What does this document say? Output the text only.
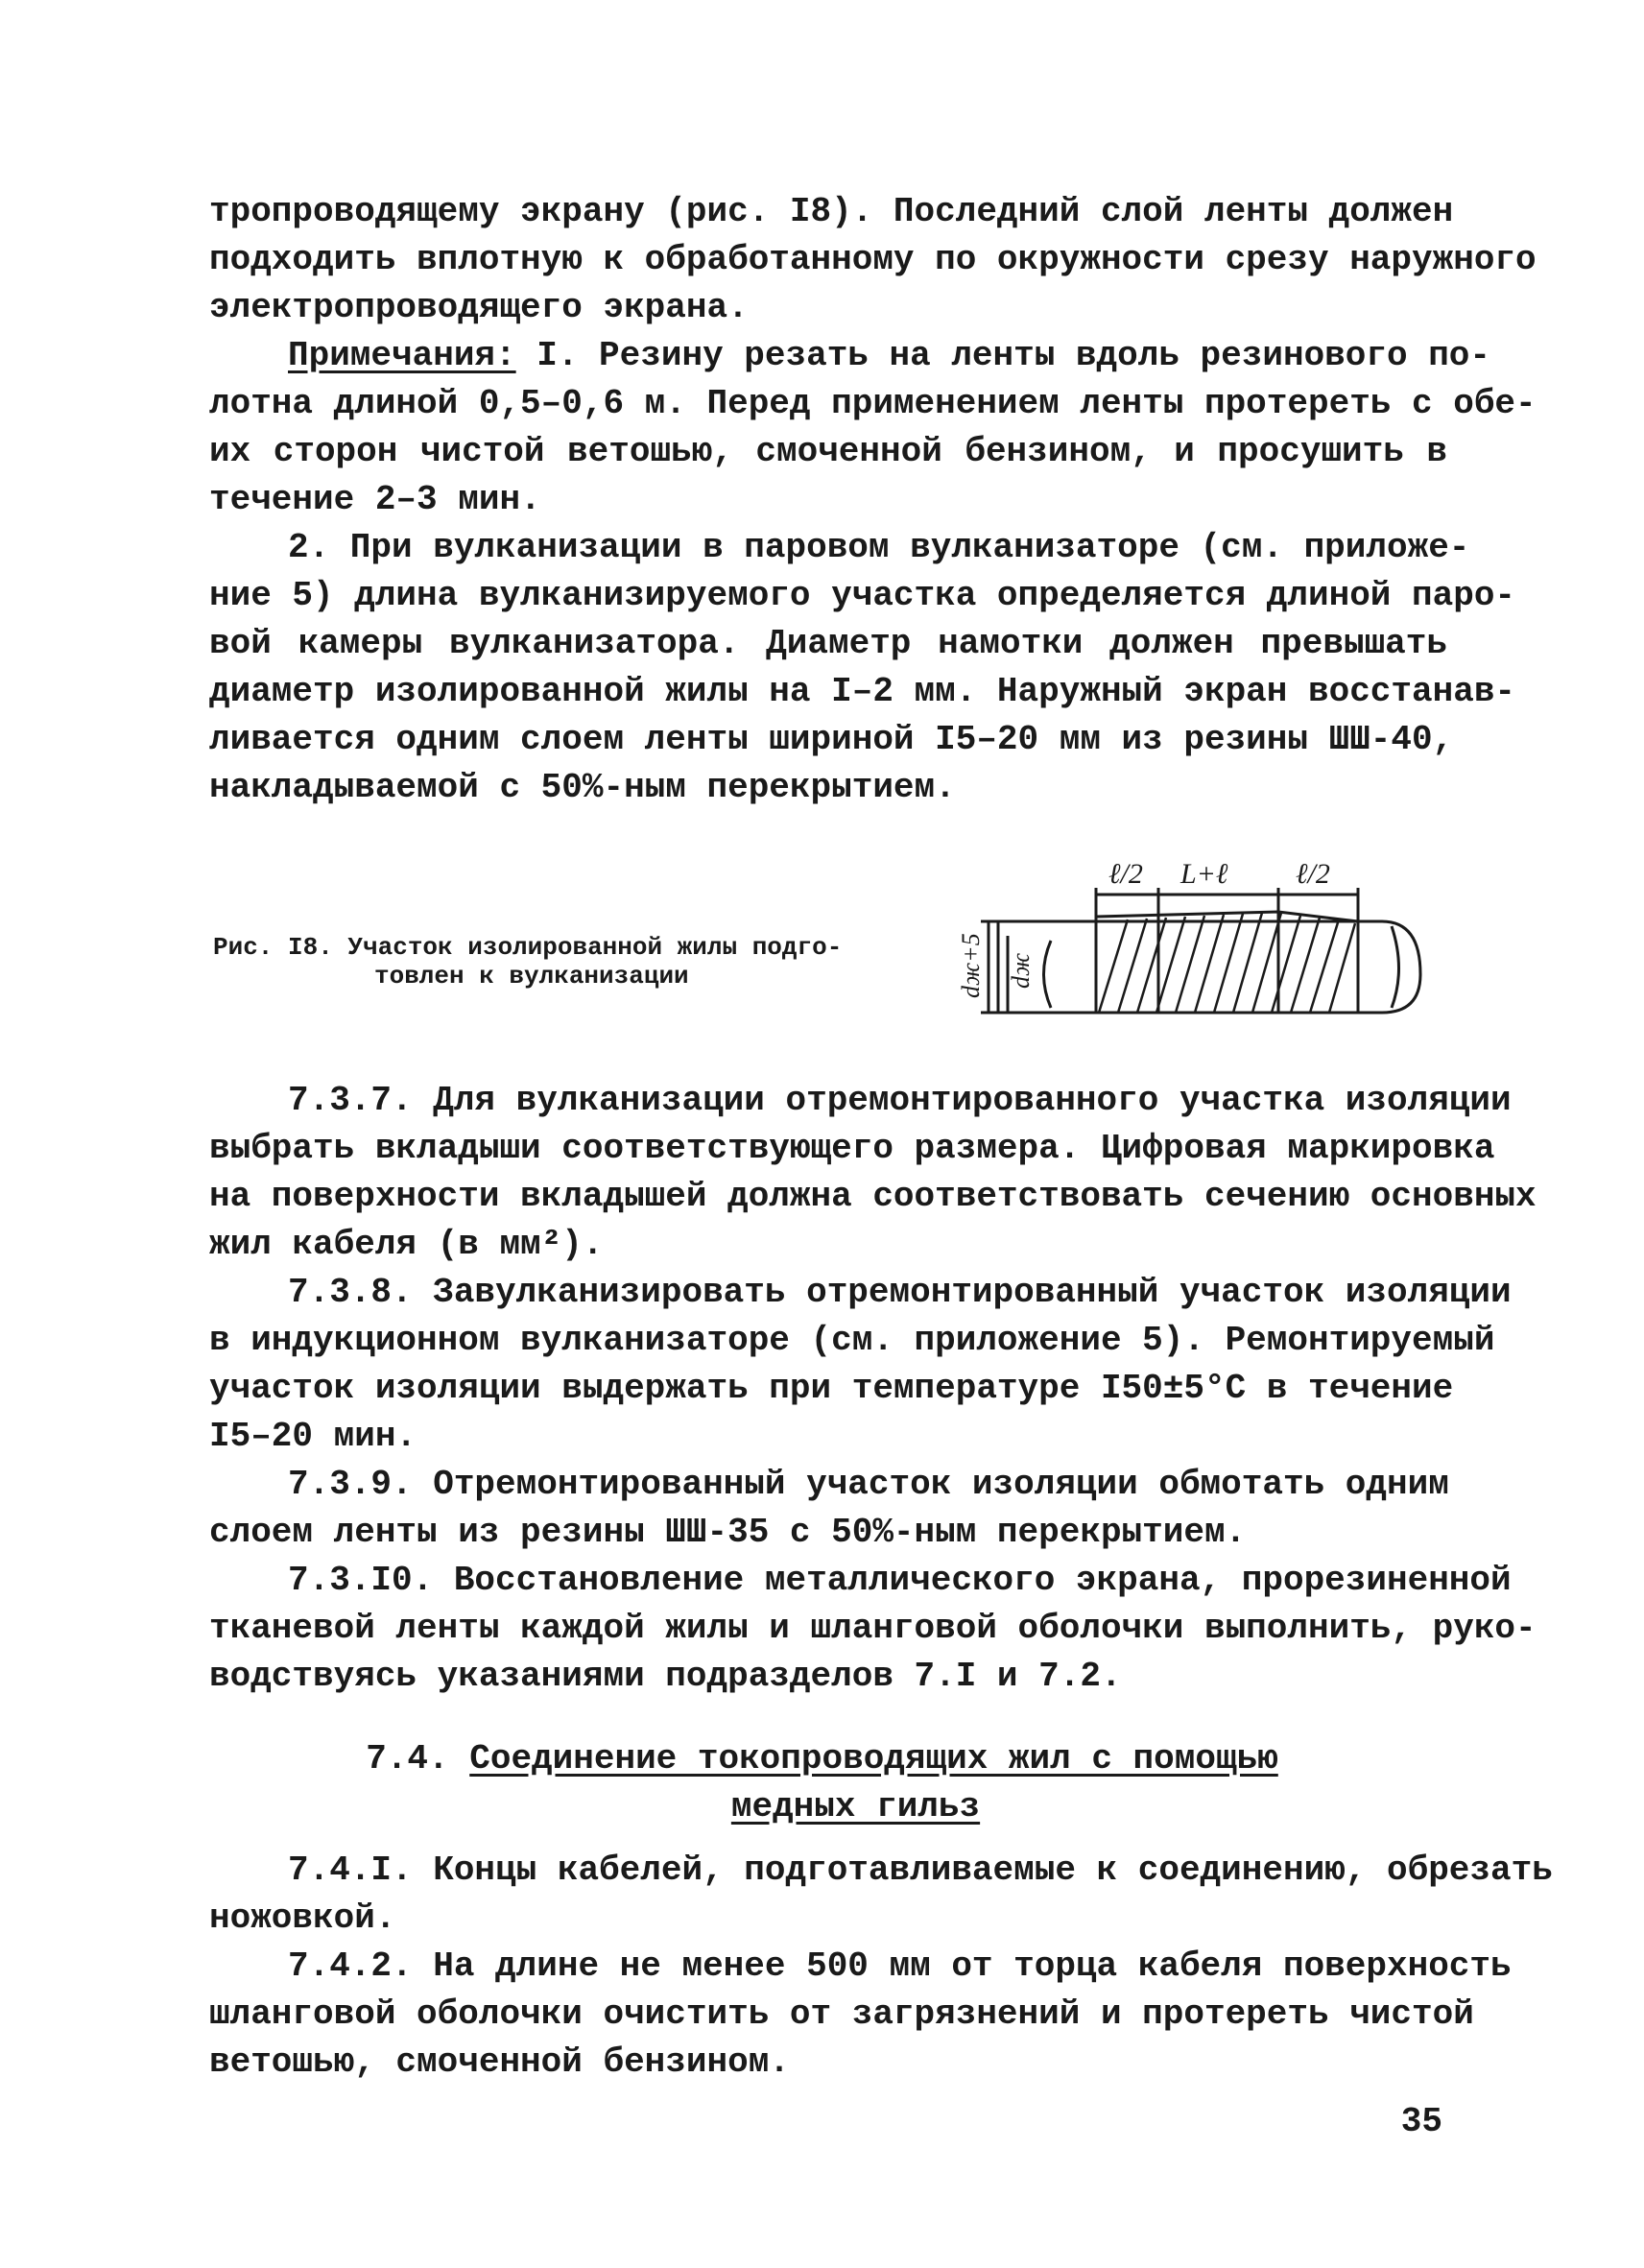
тропроводящему экрану (рис. I8). Последний слой ленты должен
подходить вплотную к обработанному по окружности срезу наружного
электропроводящего экрана.
Примечания: I. Резину резать на ленты вдоль резинового по-
лотна длиной 0,5–0,6 м. Перед применением ленты протереть с обе-
их сторон чистой ветошью, смоченной бензином, и просушить в
течение 2–3 мин.
2. При вулканизации в паровом вулканизаторе (см. приложе-
ние 5) длина вулканизируемого участка определяется длиной паро-
вой камеры вулканизатора. Диаметр намотки должен превышать
диаметр изолированной жилы на I–2 мм. Наружный экран восстанав-
ливается одним слоем ленты шириной I5–20 мм из резины ШШ-40,
накладываемой с 50%-ным перекрытием.
Рис. I8. Участок изолированной жилы подго-
товлен к вулканизации
ℓ/2 L+ℓ ℓ/2
dж+5 dж
7.3.7. Для вулканизации отремонтированного участка изоляции
выбрать вкладыши соответствующего размера. Цифровая маркировка
на поверхности вкладышей должна соответствовать сечению основных
жил кабеля (в мм²).
7.3.8. Завулканизировать отремонтированный участок изоляции
в индукционном вулканизаторе (см. приложение 5). Ремонтируемый
участок изоляции выдержать при температуре I50±5°С в течение
I5–20 мин.
7.3.9. Отремонтированный участок изоляции обмотать одним
слоем ленты из резины ШШ-35 с 50%-ным перекрытием.
7.3.I0. Восстановление металлического экрана, прорезиненной
тканевой ленты каждой жилы и шланговой оболочки выполнить, руко-
водствуясь указаниями подразделов 7.I и 7.2.
7.4. Соединение токопроводящих жил с помощью
медных гильз
7.4.I. Концы кабелей, подготавливаемые к соединению, обрезать
ножовкой.
7.4.2. На длине не менее 500 мм от торца кабеля поверхность
шланговой оболочки очистить от загрязнений и протереть чистой
ветошью, смоченной бензином.
35
